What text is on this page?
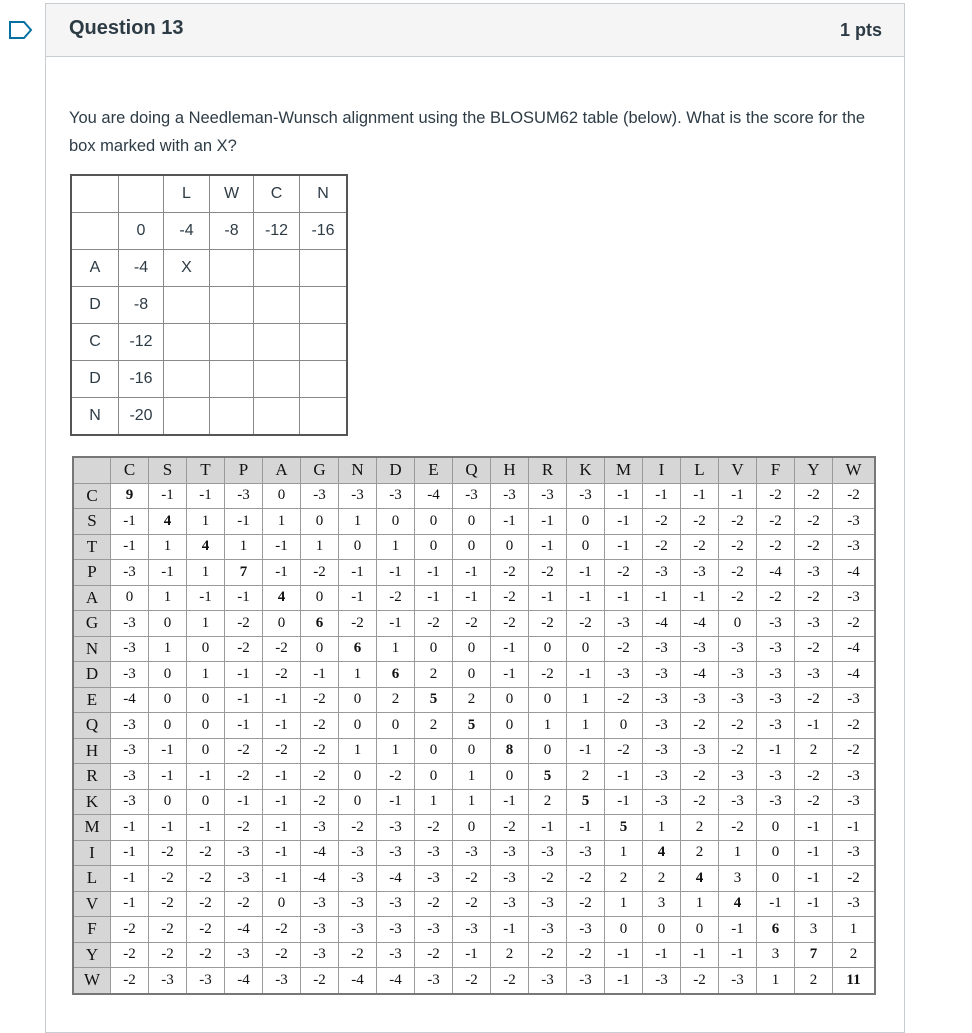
Question 13	1 pts
You are doing a Needleman-Wunsch alignment using the BLOSUM62 table (below). What is the score for the box marked with an X?
		L	W	C	N
	0	-4	-8	-12	-16
A	-4	X			
D	-8				
C	-12				
D	-16				
N	-20				
	C	S	T	P	A	G	N	D	E	Q	H	R	K	M	I	L	V	F	Y	W
C	9	-1	-1	-3	0	-3	-3	-3	-4	-3	-3	-3	-3	-1	-1	-1	-1	-2	-2	-2
S	-1	4	1	-1	1	0	1	0	0	0	-1	-1	0	-1	-2	-2	-2	-2	-2	-3
T	-1	1	4	1	-1	1	0	1	0	0	0	-1	0	-1	-2	-2	-2	-2	-2	-3
P	-3	-1	1	7	-1	-2	-1	-1	-1	-1	-2	-2	-1	-2	-3	-3	-2	-4	-3	-4
A	0	1	-1	-1	4	0	-1	-2	-1	-1	-2	-1	-1	-1	-1	-1	-2	-2	-2	-3
G	-3	0	1	-2	0	6	-2	-1	-2	-2	-2	-2	-2	-3	-4	-4	0	-3	-3	-2
N	-3	1	0	-2	-2	0	6	1	0	0	-1	0	0	-2	-3	-3	-3	-3	-2	-4
D	-3	0	1	-1	-2	-1	1	6	2	0	-1	-2	-1	-3	-3	-4	-3	-3	-3	-4
E	-4	0	0	-1	-1	-2	0	2	5	2	0	0	1	-2	-3	-3	-3	-3	-2	-3
Q	-3	0	0	-1	-1	-2	0	0	2	5	0	1	1	0	-3	-2	-2	-3	-1	-2
H	-3	-1	0	-2	-2	-2	1	1	0	0	8	0	-1	-2	-3	-3	-2	-1	2	-2
R	-3	-1	-1	-2	-1	-2	0	-2	0	1	0	5	2	-1	-3	-2	-3	-3	-2	-3
K	-3	0	0	-1	-1	-2	0	-1	1	1	-1	2	5	-1	-3	-2	-3	-3	-2	-3
M	-1	-1	-1	-2	-1	-3	-2	-3	-2	0	-2	-1	-1	5	1	2	-2	0	-1	-1
I	-1	-2	-2	-3	-1	-4	-3	-3	-3	-3	-3	-3	-3	1	4	2	1	0	-1	-3
L	-1	-2	-2	-3	-1	-4	-3	-4	-3	-2	-3	-2	-2	2	2	4	3	0	-1	-2
V	-1	-2	-2	-2	0	-3	-3	-3	-2	-2	-3	-3	-2	1	3	1	4	-1	-1	-3
F	-2	-2	-2	-4	-2	-3	-3	-3	-3	-3	-1	-3	-3	0	0	0	-1	6	3	1
Y	-2	-2	-2	-3	-2	-3	-2	-3	-2	-1	2	-2	-2	-1	-1	-1	-1	3	7	2
W	-2	-3	-3	-4	-3	-2	-4	-4	-3	-2	-2	-3	-3	-1	-3	-2	-3	1	2	11
